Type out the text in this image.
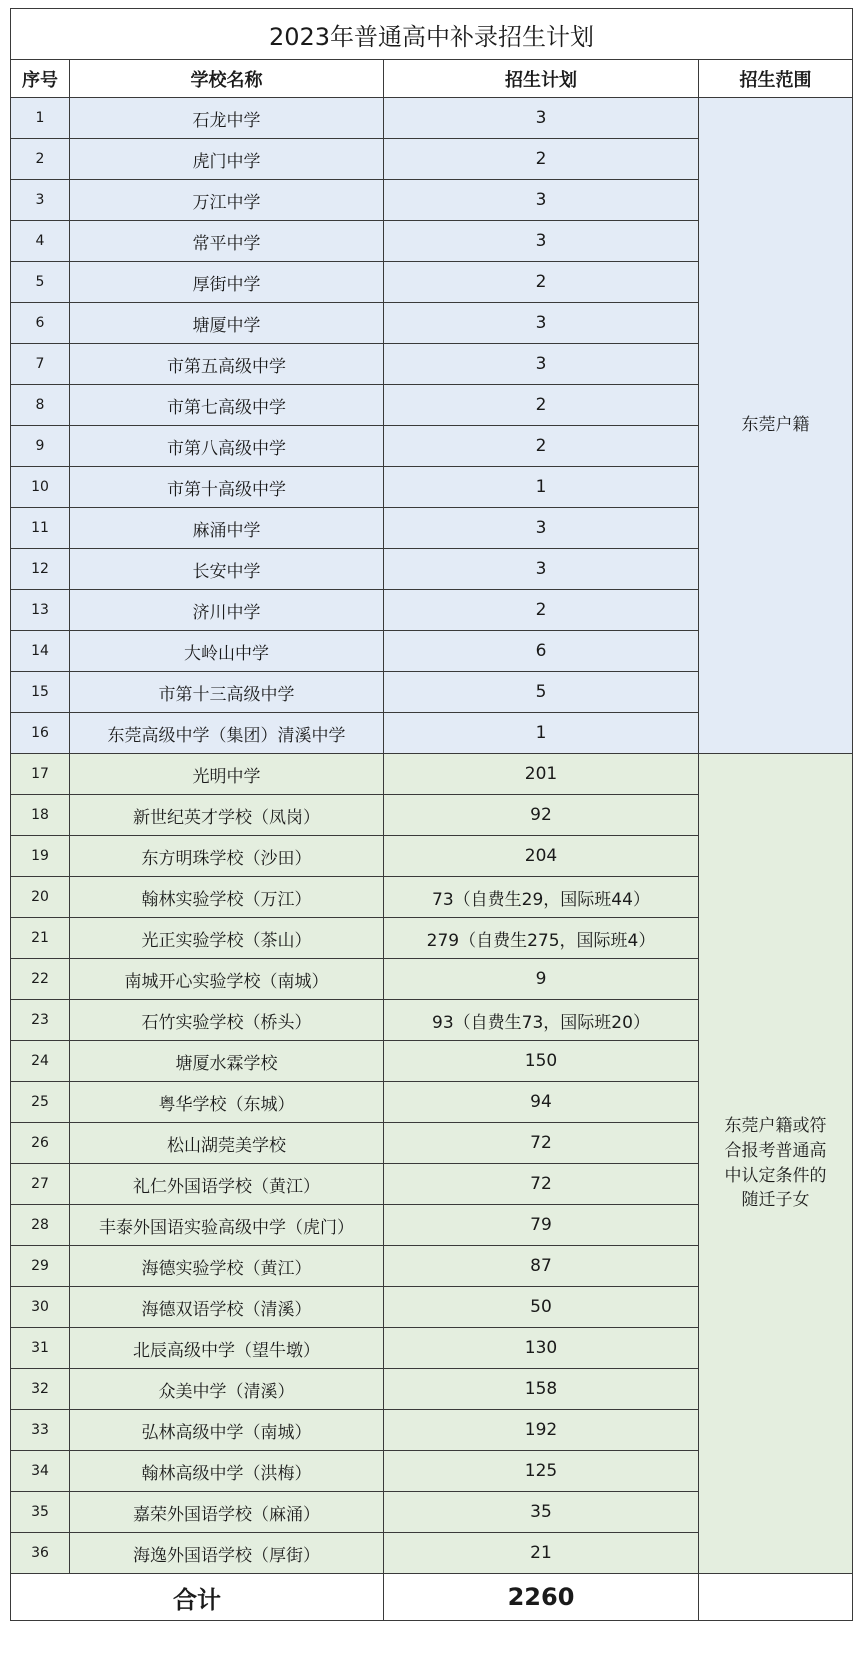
2023年普通高中补录招生计划			
序号	学校名称	招生计划	招生范围
1	石龙中学	3	东莞户籍

2	虎门中学	2	
3	万江中学	3	
4	常平中学	3	
5	厚街中学	2	
6	塘厦中学	3	
7	市第五高级中学	3	
8	市第七高级中学	2	
9	市第八高级中学	2	
10	市第十高级中学	1	
11	麻涌中学	3	
12	长安中学	3	
13	济川中学	2	
14	大岭山中学	6	
15	市第十三高级中学	5	
16	东莞高级中学（集团）清溪中学	1	
17	光明中学	201	东莞户籍或符
合报考普通高
中认定条件的
随迁子女

18	新世纪英才学校（凤岗）	92	
19	东方明珠学校（沙田）	204	
20	翰林实验学校（万江）	73（自费生29，国际班44）	
21	光正实验学校（茶山）	279（自费生275，国际班4）	
22	南城开心实验学校（南城）	9	
23	石竹实验学校（桥头）	93（自费生73，国际班20）	
24	塘厦水霖学校	150	
25	粤华学校（东城）	94	
26	松山湖莞美学校	72	
27	礼仁外国语学校（黄江）	72	
28	丰泰外国语实验高级中学（虎门）	79	
29	海德实验学校（黄江）	87	
30	海德双语学校（清溪）	50	
31	北辰高级中学（望牛墩）	130	
32	众美中学（清溪）	158	
33	弘林高级中学（南城）	192	
34	翰林高级中学（洪梅）	125	
35	嘉荣外国语学校（麻涌）	35	
36	海逸外国语学校（厚街）	21	
合计		2260	
